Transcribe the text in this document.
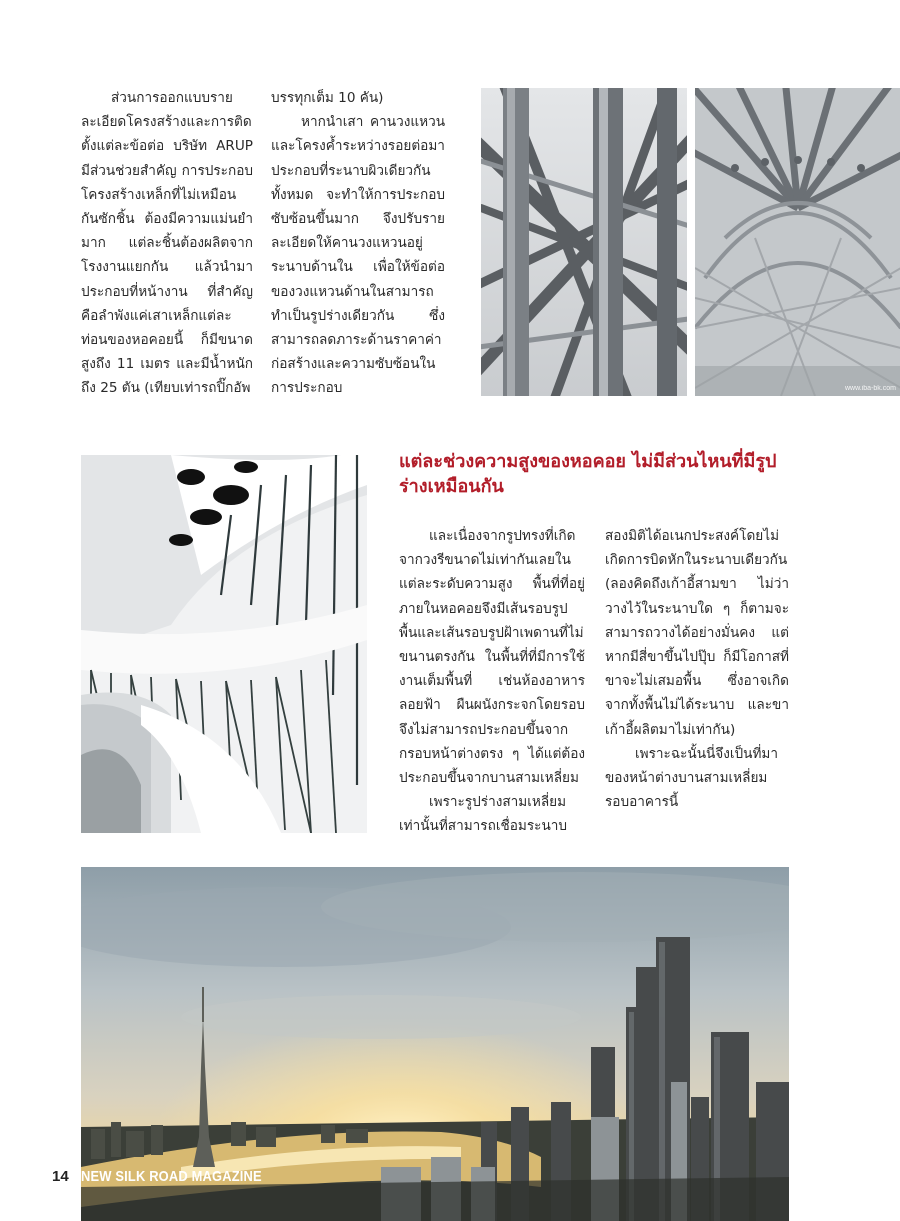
ส่วนการออกแบบรายละเอียดโครงสร้างและการติดตั้งแต่ละข้อต่อ บริษัท ARUP มีส่วนช่วยสำคัญ การประกอบโครงสร้างเหล็กที่ไม่เหมือนกันซักชิ้น ต้องมีความแม่นยำมาก แต่ละชิ้นต้องผลิตจากโรงงานแยกกัน แล้วนำมาประกอบที่หน้างาน ที่สำคัญคือลำพังแค่เสาเหล็กแต่ละท่อนของหอคอยนี้ ก็มีขนาดสูงถึง 11 เมตร และมีน้ำหนักถึง 25 ตัน (เทียบเท่ารถปิ๊กอัพ

บรรทุกเต็ม 10 คัน)

หากนำเสา คานวงแหวน และโครงค้ำระหว่างรอยต่อมาประกอบที่ระนาบผิวเดียวกันทั้งหมด จะทำให้การประกอบซับซ้อนขึ้นมาก จึงปรับรายละเอียดให้คานวงแหวนอยู่ระนาบด้านใน เพื่อให้ข้อต่อของวงแหวนด้านในสามารถทำเป็นรูปร่างเดียวกัน ซึ่งสามารถลดภาระด้านราคาค่าก่อสร้างและความซับซ้อนในการประกอบ	www.iba-bk.com
แต่ละช่วงความสูงของหอคอย ไม่มีส่วนไหนที่มีรูปร่างเหมือนกัน

และเนื่องจากรูปทรงที่เกิดจากวงรีขนาดไม่เท่ากันเลยในแต่ละระดับความสูง พื้นที่ที่อยู่ภายในหอคอยจึงมีเส้นรอบรูปพื้นและเส้นรอบรูปฝ้าเพดานที่ไม่ขนานตรงกัน ในพื้นที่ที่มีการใช้งานเต็มพื้นที่ เช่นห้องอาหารลอยฟ้า ผืนผนังกระจกโดยรอบจึงไม่สามารถประกอบขึ้นจากกรอบหน้าต่างตรง ๆ ได้แต่ต้องประกอบขึ้นจากบานสามเหลี่ยม

เพราะรูปร่างสามเหลี่ยมเท่านั้นที่สามารถเชื่อมระนาบ

สองมิติได้อเนกประสงค์โดยไม่เกิดการบิดหักในระนาบเดียวกัน (ลองคิดถึงเก้าอี้สามขา ไม่ว่าวางไว้ในระนาบใด ๆ ก็ตามจะสามารถวางได้อย่างมั่นคง แต่หากมีสี่ขาขึ้นไปปุ๊บ ก็มีโอกาสที่ขาจะไม่เสมอพื้น ซึ่งอาจเกิดจากทั้งพื้นไม่ได้ระนาบ และขาเก้าอี้ผลิตมาไม่เท่ากัน)

เพราะฉะนั้นนี่จึงเป็นที่มาของหน้าต่างบานสามเหลี่ยมรอบอาคารนี้

14 NEW SILK ROAD MAGAZINE
